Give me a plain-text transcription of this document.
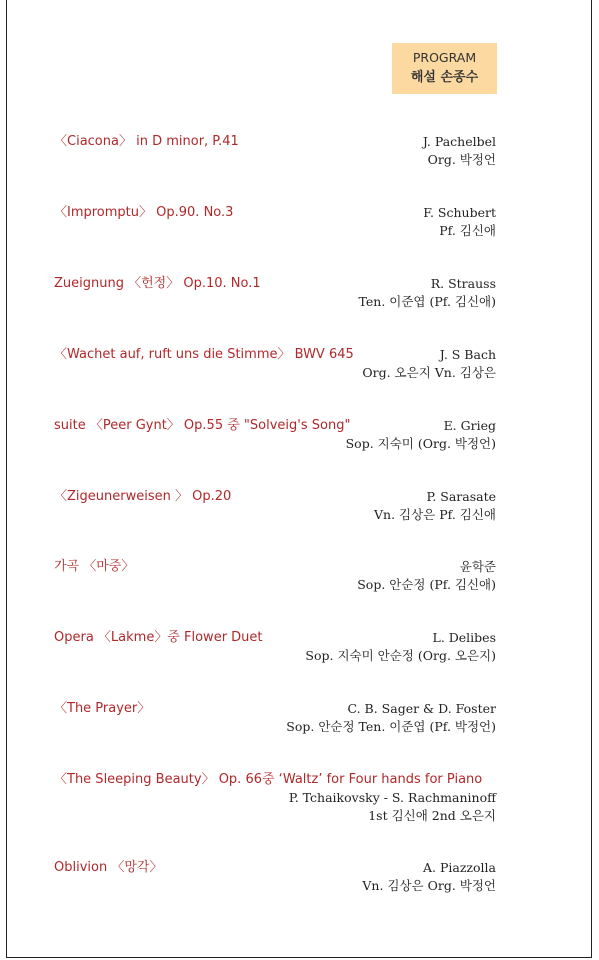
PROGRAM
해설 손종수
〈Ciacona〉 in D minor, P.41	J. Pachelbel
Org. 박정언
〈Impromptu〉 Op.90. No.3	F. Schubert
Pf. 김신애
Zueignung 〈헌정〉 Op.10. No.1	R. Strauss
Ten. 이준엽 (Pf. 김신애)
〈Wachet auf, ruft uns die Stimme〉 BWV 645	J. S Bach
Org. 오은지 Vn. 김상은
suite 〈Peer Gynt〉 Op.55 중 "Solveig's Song"	E. Grieg
Sop. 지숙미 (Org. 박정언)
〈Zigeunerweisen 〉 Op.20	P. Sarasate
Vn. 김상은 Pf. 김신애
가곡 〈마중〉	윤학준
Sop. 안순정 (Pf. 김신애)
Opera 〈Lakme〉중 Flower Duet	L. Delibes
Sop. 지숙미 안순정 (Org. 오은지)
〈The Prayer〉	C. B. Sager & D. Foster
Sop. 안순정 Ten. 이준엽 (Pf. 박정언)
〈The Sleeping Beauty〉 Op. 66중 ‘Waltz’ for Four hands for Piano
P. Tchaikovsky - S. Rachmaninoff
1st 김신애 2nd 오은지
Oblivion 〈망각〉	A. Piazzolla
Vn. 김상은 Org. 박정언
